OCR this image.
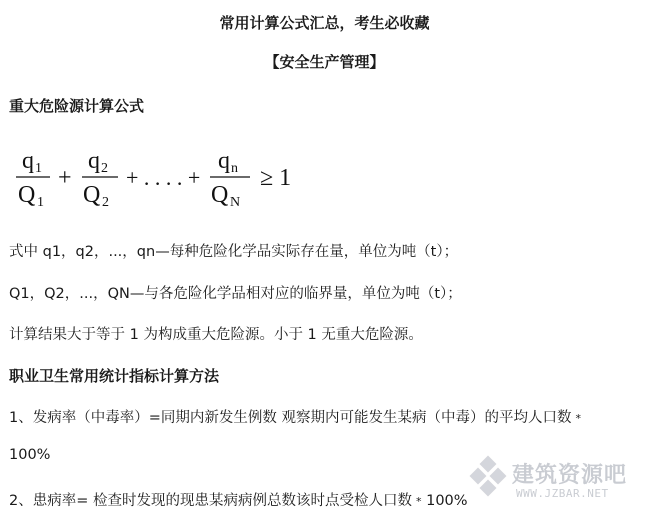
常用计算公式汇总，考生必收藏
【安全生产管理】
重大危险源计算公式
q 1
Q 1
+
q 2
Q 2
+ . . . . +
q n
Q N
≥ 1
式中 q1，q2，...，qn—每种危险化学品实际存在量，单位为吨（t）；
Q1，Q2，...，QN—与各危险化学品相对应的临界量，单位为吨（t）；
计算结果大于等于 1 为构成重大危险源。小于 1 无重大危险源。
职业卫生常用统计指标计算方法
1、发病率（中毒率）=同期内新发生例数 观察期内可能发生某病（中毒）的平均人口数 *
100%
2、患病率= 检查时发现的现患某病病例总数该时点受检人口数 * 100%
建筑资源吧
WWW.JZBAR.NET
